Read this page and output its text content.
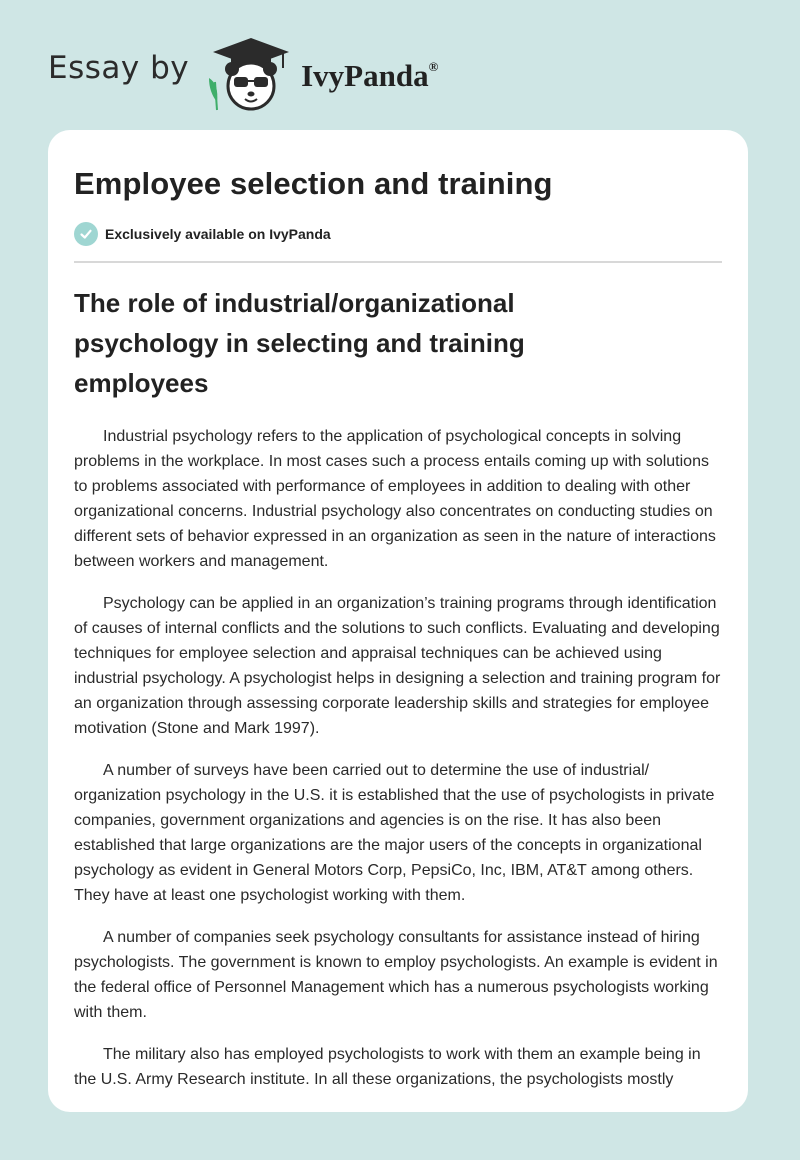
Essay by	IvyPanda®
Employee selection and training
Exclusively available on IvyPanda
The role of industrial/organizational psychology in selecting and training employees

Industrial psychology refers to the application of psychological concepts in solving problems in the workplace. In most cases such a process entails coming up with solutions to problems associated with performance of employees in addition to dealing with other organizational concerns. Industrial psychology also concentrates on conducting studies on different sets of behavior expressed in an organization as seen in the nature of interactions between workers and management.

Psychology can be applied in an organization’s training programs through identification of causes of internal conflicts and the solutions to such conflicts. Evaluating and developing techniques for employee selection and appraisal techniques can be achieved using industrial psychology. A psychologist helps in designing a selection and training program for an organization through assessing corporate leadership skills and strategies for employee motivation (Stone and Mark 1997).

A number of surveys have been carried out to determine the use of industrial/ organization psychology in the U.S. it is established that the use of psychologists in private companies, government organizations and agencies is on the rise. It has also been established that large organizations are the major users of the concepts in organizational psychology as evident in General Motors Corp, PepsiCo, Inc, IBM, AT&T among others. They have at least one psychologist working with them.

A number of companies seek psychology consultants for assistance instead of hiring psychologists. The government is known to employ psychologists. An example is evident in the federal office of Personnel Management which has a numerous psychologists working with them.

The military also has employed psychologists to work with them an example being in the U.S. Army Research institute. In all these organizations, the psychologists mostly
